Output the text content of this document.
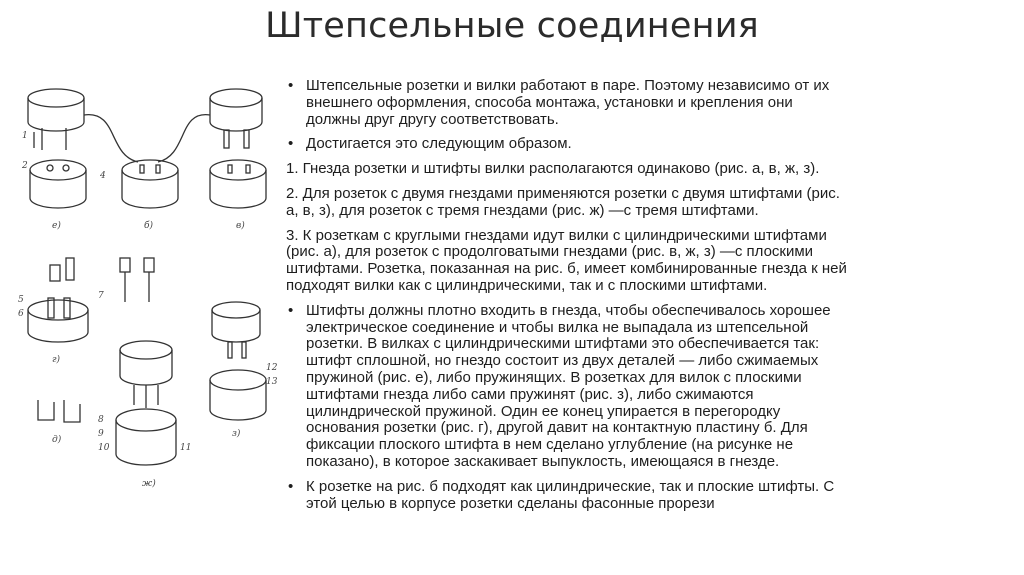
Штепсельные соединения
1
2
4
5
6
7
8
9
10	11
12
13
е)	б)	в)
г)
д)
ж)
з)
• Штепсельные розетки и вилки работают в паре. Поэтому независимо от их
внешнего оформления, способа монтажа, установки и крепления они
должны друг другу соответствовать.
• Достигается это следующим образом.
1. Гнезда розетки и штифты вилки располагаются одинаково (рис. а, в, ж, з).
2. Для розеток с двумя гнездами применяются розетки с двумя штифтами (рис.
а, в, з), для розеток с тремя гнездами (рис. ж) —с тремя штифтами.
3. К розеткам с круглыми гнездами идут вилки с цилиндрическими штифтами
(рис. а), для розеток с продолговатыми гнездами (рис. в, ж, з) —с плоскими
штифтами. Розетка, показанная на рис. б, имеет комбинированные гнезда к ней
подходят вилки как с цилиндрическими, так и с плоскими штифтами.
• Штифты должны плотно входить в гнезда, чтобы обеспечивалось хорошее
электрическое соединение и чтобы вилка не выпадала из штепсельной
розетки. В вилках с цилиндрическими штифтами это обеспечивается так:
штифт сплошной, но гнездо состоит из двух деталей — либо сжимаемых
пружиной (рис. е), либо пружинящих. В розетках для вилок с плоскими
штифтами гнезда либо сами пружинят (рис. з), либо сжимаются
цилиндрической пружиной. Один ее конец упирается в перегородку
основания розетки (рис. г), другой давит на контактную пластину б. Для
фиксации плоского штифта в нем сделано углубление (на рисунке не
показано), в которое заскакивает выпуклость, имеющаяся в гнезде.
• К розетке на рис. б подходят как цилиндрические, так и плоские штифты. С
этой целью в корпусе розетки сделаны фасонные прорези
